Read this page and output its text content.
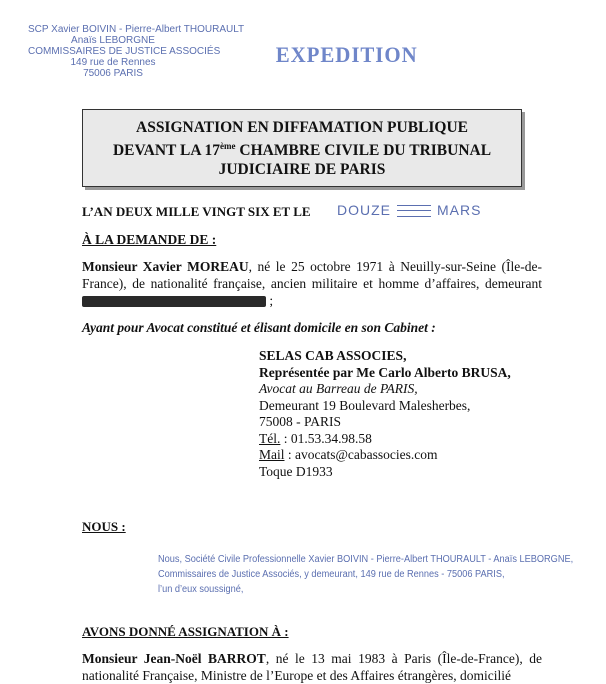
SCP Xavier BOIVIN - Pierre-Albert THOURAULT
Anaïs LEBORGNE
COMMISSAIRES DE JUSTICE ASSOCIÉS
149 rue de Rennes
75006 PARIS
EXPEDITION
ASSIGNATION EN DIFFAMATION PUBLIQUE
DEVANT LA 17ème CHAMBRE CIVILE DU TRIBUNAL
JUDICIAIRE DE PARIS
L’AN DEUX MILLE VINGT SIX ET LE DOUZE	MARS
À LA DEMANDE DE :
Monsieur Xavier MOREAU, né le 25 octobre 1971 à Neuilly-sur-Seine (Île-de-France), de nationalité française, ancien militaire et homme d’affaires, demeurant  ;
Ayant pour Avocat constitué et élisant domicile en son Cabinet :
SELAS CAB ASSOCIES,
Représentée par Me Carlo Alberto BRUSA,
Avocat au Barreau de PARIS,
Demeurant 19 Boulevard Malesherbes,
75008 - PARIS
Tél. : 01.53.34.98.58
Mail : avocats@cabassocies.com
Toque D1933
NOUS :
Nous, Société Civile Professionnelle Xavier BOIVIN - Pierre-Albert THOURAULT - Anaïs LEBORGNE,
Commissaires de Justice Associés, y demeurant, 149 rue de Rennes - 75006 PARIS,
l’un d’eux soussigné,
AVONS DONNÉ ASSIGNATION À :
Monsieur Jean-Noël BARROT, né le 13 mai 1983 à Paris (Île-de-France), de nationalité Française, Ministre de l’Europe et des Affaires étrangères, domicilié
